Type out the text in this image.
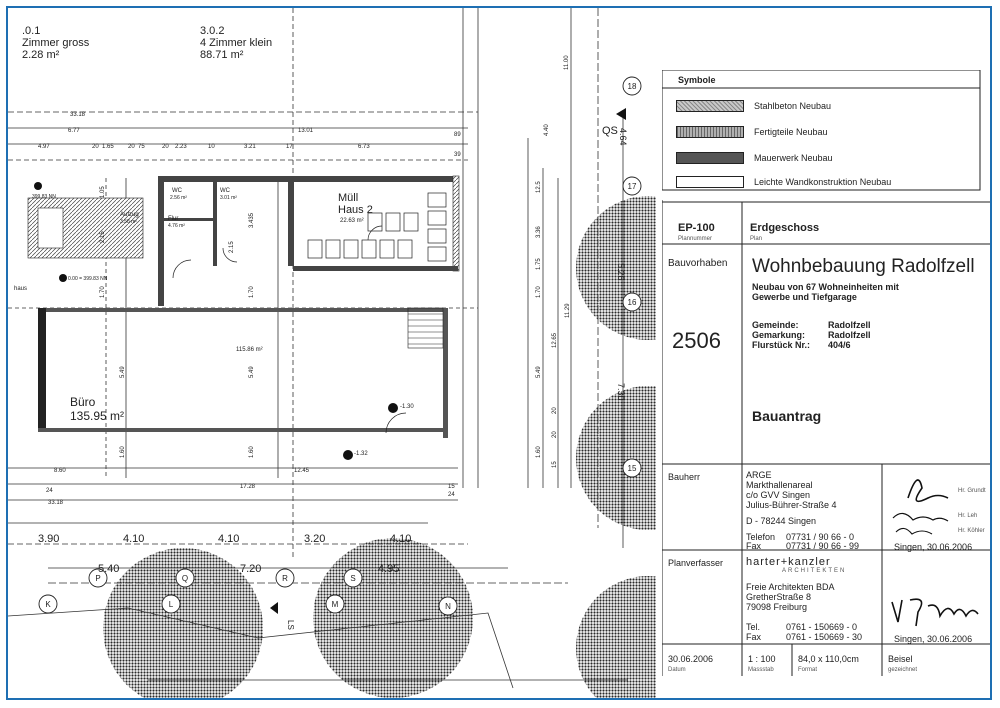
.0.1
Zimmer gross
2.28 m²
3.0.2
4 Zimmer klein
88.71 m²
WC
2.56 m²
WC
3.01 m²
Flur
4.76 m²
Aufzug
3.58 m²
Müll
Haus 2
22.63 m²
115.86 m²
Büro
135.95 m²
haus
399.83 NN
0.00 = 399.83 NN
-1.30
-1.32
33.18
6.77	13.01
4.97	20 1.65 20 75	20 2.23	10	3.21	17	6.73
39
89	4.40
11.00
1.05
2.15
1.70
5.49
1.60
3.435
2.15
1.70
5.49
1.60
3.36
1.70
5.49
1.60
12.65
11.29
5.26
7.30
4.64
12.5
1.75
20
15
20
8.60	12.45
17.28
33.18
24
15
24
3.90	4.10	4.10	3.20	4.10
5.40	7.20	4.95
K	L	M	N
P	Q	R	S
16
15
17
18
QS
LS
Symbole
Stahlbeton Neubau
Fertigteile Neubau
Mauerwerk Neubau
Leichte Wandkonstruktion Neubau
EP-100
Plannummer
Erdgeschoss
Plan
Bauvorhaben Wohnbebauung Radolfzell
Neubau von 67 Wohneinheiten mit
Gewerbe und Tiefgarage
2506
Gemeinde:	Radolfzell
Gemarkung:	Radolfzell
Flurstück Nr.: 404/6
Bauantrag
Bauherr	ARGE
Markthallenareal
c/o GVV Singen
Julius-Bührer-Straße 4
D - 78244 Singen
Telefon 07731 / 90 66 - 0
Fax	07731 / 90 66 - 99
Hr. Grundt
Hr. Leh
Hr. Köhler
Singen, 30.06.2006
Planverfasser harter+kanzler
ARCHITEKTEN
Freie Architekten BDA
GretherStraße 8
79098 Freiburg
Tel.	0761 - 150669 - 0
Fax	0761 - 150669 - 30	Singen, 30.06.2006
30.06.2006
Datum
1 : 100
Massstab
84,0 x 110,0cm
Format
Beisel
gezeichnet
